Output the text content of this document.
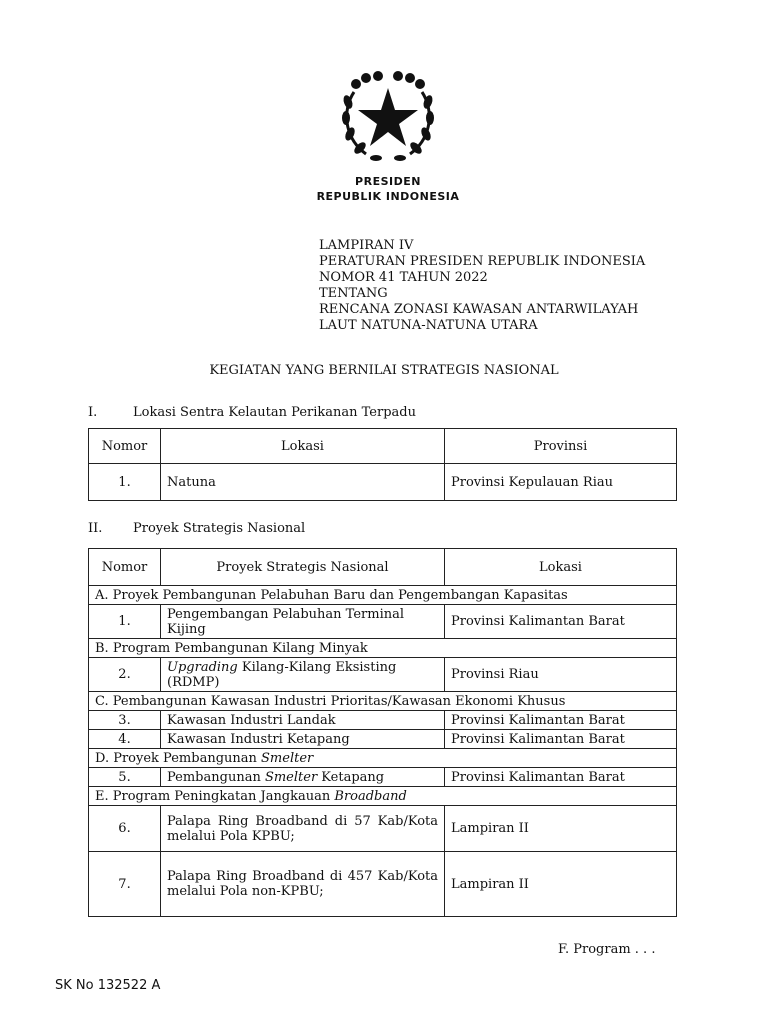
PRESIDEN
REPUBLIK INDONESIA
LAMPIRAN IV
PERATURAN PRESIDEN REPUBLIK INDONESIA
NOMOR 41 TAHUN 2022
TENTANG
RENCANA ZONASI KAWASAN ANTARWILAYAH
LAUT NATUNA-NATUNA UTARA
KEGIATAN YANG BERNILAI STRATEGIS NASIONAL
I.	Lokasi Sentra Kelautan Perikanan Terpadu
Nomor	Lokasi	Provinsi
1.	Natuna	Provinsi Kepulauan Riau
II. Proyek Strategis Nasional
Nomor	Proyek Strategis Nasional	Lokasi
A. Proyek Pembangunan Pelabuhan Baru dan Pengembangan Kapasitas		
1.	Pengembangan Pelabuhan Terminal Kijing	Provinsi Kalimantan Barat
B. Program Pembangunan Kilang Minyak		
2.	Upgrading Kilang-Kilang Eksisting (RDMP)	Provinsi Riau
C. Pembangunan Kawasan Industri Prioritas/Kawasan Ekonomi Khusus		
3.	Kawasan Industri Landak	Provinsi Kalimantan Barat
4.	Kawasan Industri Ketapang	Provinsi Kalimantan Barat
D. Proyek Pembangunan Smelter		
5.	Pembangunan Smelter Ketapang	Provinsi Kalimantan Barat
E. Program Peningkatan Jangkauan Broadband		
6.	Palapa Ring Broadband di 57 Kab/Kota melalui Pola KPBU;	Lampiran II
7.	Palapa Ring Broadband di 457 Kab/Kota melalui Pola non-KPBU;	Lampiran II
F. Program . . .
SK No 132522 A
